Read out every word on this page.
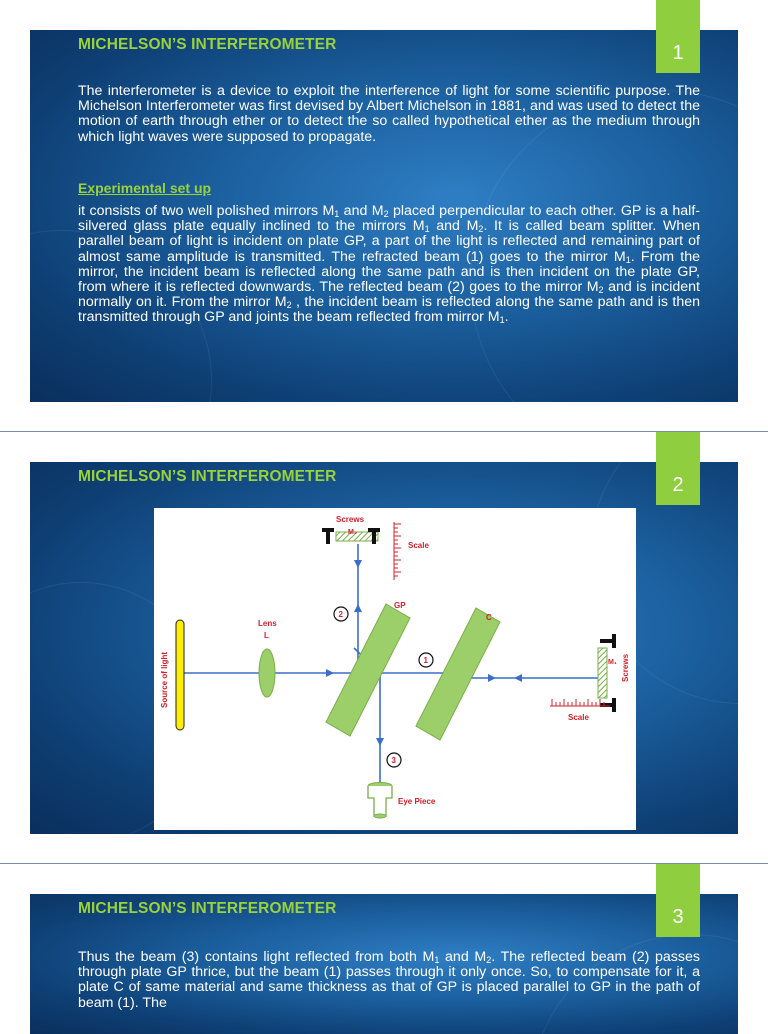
1
MICHELSON’S INTERFEROMETER
The interferometer is a device to exploit the interference of light for some scientific purpose. The Michelson Interferometer was first devised by Albert Michelson in 1881, and was used to detect the motion of earth through ether or to detect the so called hypothetical ether as the medium through which light waves were supposed to propagate.
Experimental set up
it consists of two well polished mirrors $M_1$ and $M_2$ placed perpendicular to each other. GP is a half-silvered glass plate equally inclined to the mirrors $M_1$ and $M_2$. It is called beam splitter. When parallel beam of light is incident on plate GP, a part of the light is reflected and remaining part of almost same amplitude is transmitted. The refracted beam (1) goes to the mirror $M_1$. From the mirror, the incident beam is reflected along the same path and is then incident on the plate GP, from where it is reflected downwards. The reflected beam (2) goes to the mirror $M_2$ and is incident normally on it. From the mirror $M_2$ , the incident beam is reflected along the same path and is then transmitted through GP and joints the beam reflected from mirror $M_1$.
2
MICHELSON’S INTERFEROMETER
Source of light
Lens
L
GP
C
Screws
M₂
Scale
M₁ Screws
Scale
Eye Piece
2
1
3
3
MICHELSON’S INTERFEROMETER
Thus the beam (3) contains light reflected from both $M_1$ and $M_2$. The reflected beam (2) passes through plate GP thrice, but the beam (1) passes through it only once. So, to compensate for it, a plate C of same material and same thickness as that of GP is placed parallel to GP in the path of beam (1). The
